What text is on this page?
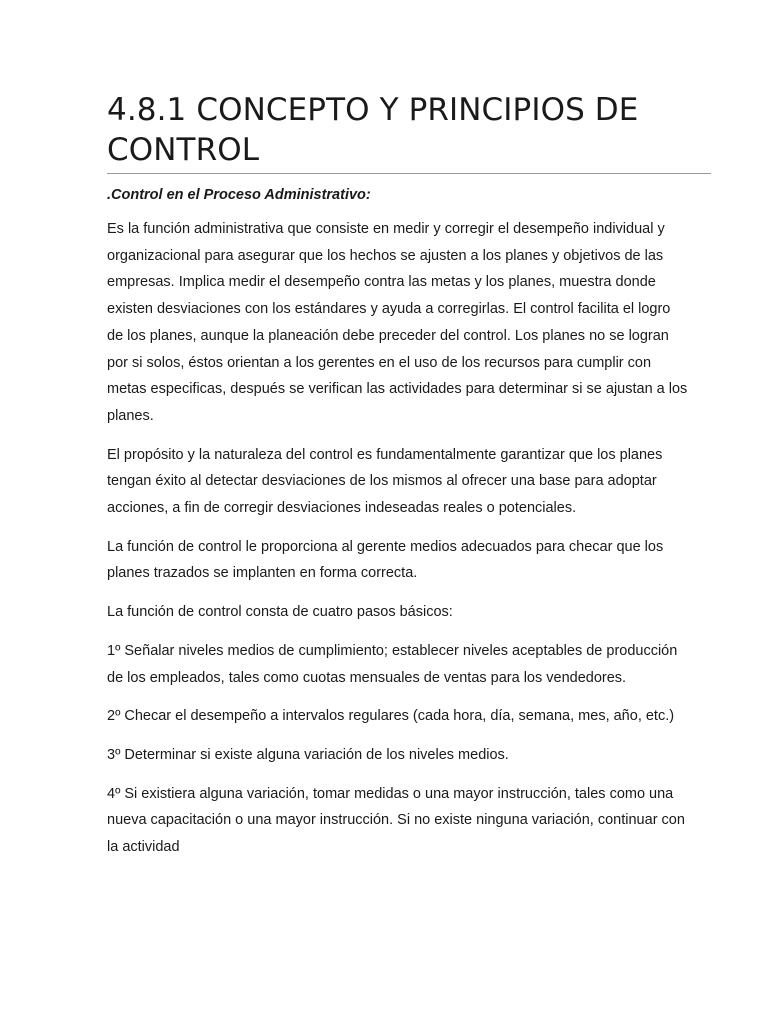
4.8.1 CONCEPTO Y PRINCIPIOS DE
CONTROL
.Control en el Proceso Administrativo:
Es la función administrativa que consiste en medir y corregir el desempeño individual y
organizacional para asegurar que los hechos se ajusten a los planes y objetivos de las
empresas. Implica medir el desempeño contra las metas y los planes, muestra donde
existen desviaciones con los estándares y ayuda a corregirlas. El control facilita el logro
de los planes, aunque la planeación debe preceder del control. Los planes no se logran
por si solos, éstos orientan a los gerentes en el uso de los recursos para cumplir con
metas especificas, después se verifican las actividades para determinar si se ajustan a los
planes.
El propósito y la naturaleza del control es fundamentalmente garantizar que los planes
tengan éxito al detectar desviaciones de los mismos al ofrecer una base para adoptar
acciones, a fin de corregir desviaciones indeseadas reales o potenciales.
La función de control le proporciona al gerente medios adecuados para checar que los
planes trazados se implanten en forma correcta.
La función de control consta de cuatro pasos básicos:
1º Señalar niveles medios de cumplimiento; establecer niveles aceptables de producción
de los empleados, tales como cuotas mensuales de ventas para los vendedores.
2º Checar el desempeño a intervalos regulares (cada hora, día, semana, mes, año, etc.)
3º Determinar si existe alguna variación de los niveles medios.
4º Si existiera alguna variación, tomar medidas o una mayor instrucción, tales como una
nueva capacitación o una mayor instrucción. Si no existe ninguna variación, continuar con
la actividad
